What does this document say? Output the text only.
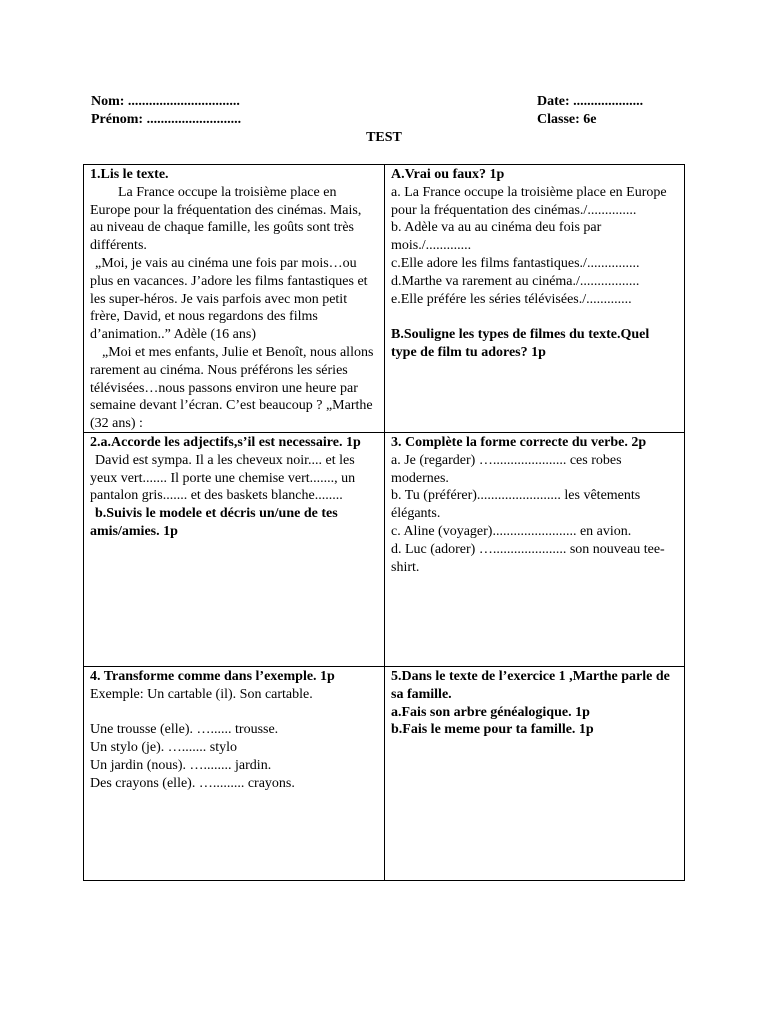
Nom: ................................

Prénom: ...........................

Date: ....................

Classe: 6e

TEST

1.Lis le texte.

La France occupe la troisième place en Europe pour la fréquentation des cinémas. Mais, au niveau de chaque famille, les goûts sont très différents.

„Moi, je vais au cinéma une fois par mois…ou plus en vacances. J’adore les films fantastiques et les super-héros. Je vais parfois avec mon petit frère, David, et nous regardons des films d’animation..” Adèle (16 ans)

„Moi et mes enfants, Julie et Benoît, nous allons rarement au cinéma. Nous préférons les séries télévisées…nous passons environ une heure par semaine devant l’écran. C’est beaucoup ? „Marthe (32 ans) :

A.Vrai ou faux? 1p

a. La France occupe la troisième place en Europe pour la fréquentation des cinémas./..............

b. Adèle va au au cinéma deu fois par mois./.............

c.Elle adore les films fantastiques./...............

d.Marthe va rarement au cinéma./.................

e.Elle préfére les séries télévisées./.............

B.Souligne les types de filmes du texte.Quel type de film tu adores? 1p

2.a.Accorde les adjectifs,s’il est necessaire. 1p

David est sympa. Il a les cheveux noir.... et les yeux vert....... Il porte une chemise vert......., un pantalon gris....... et des baskets blanche........

b.Suivis le modele et décris un/une de tes amis/amies. 1p

3. Complète la forme correcte du verbe. 2p

a. Je (regarder) …..................... ces robes modernes.

b. Tu (préférer)........................ les vêtements élégants.

c. Aline (voyager)........................ en avion.

d. Luc (adorer) …..................... son nouveau tee-shirt.

4. Transforme comme dans l’exemple. 1p

Exemple: Un cartable (il). Son cartable.

Une trousse (elle). …...... trousse.

Un stylo (je). …....... stylo

Un jardin (nous). …........ jardin.

Des crayons (elle). …......... crayons.

5.Dans le texte de l’exercice 1 ,Marthe parle de sa famille.

a.Fais son arbre généalogique. 1p

b.Fais le meme pour ta famille. 1p
